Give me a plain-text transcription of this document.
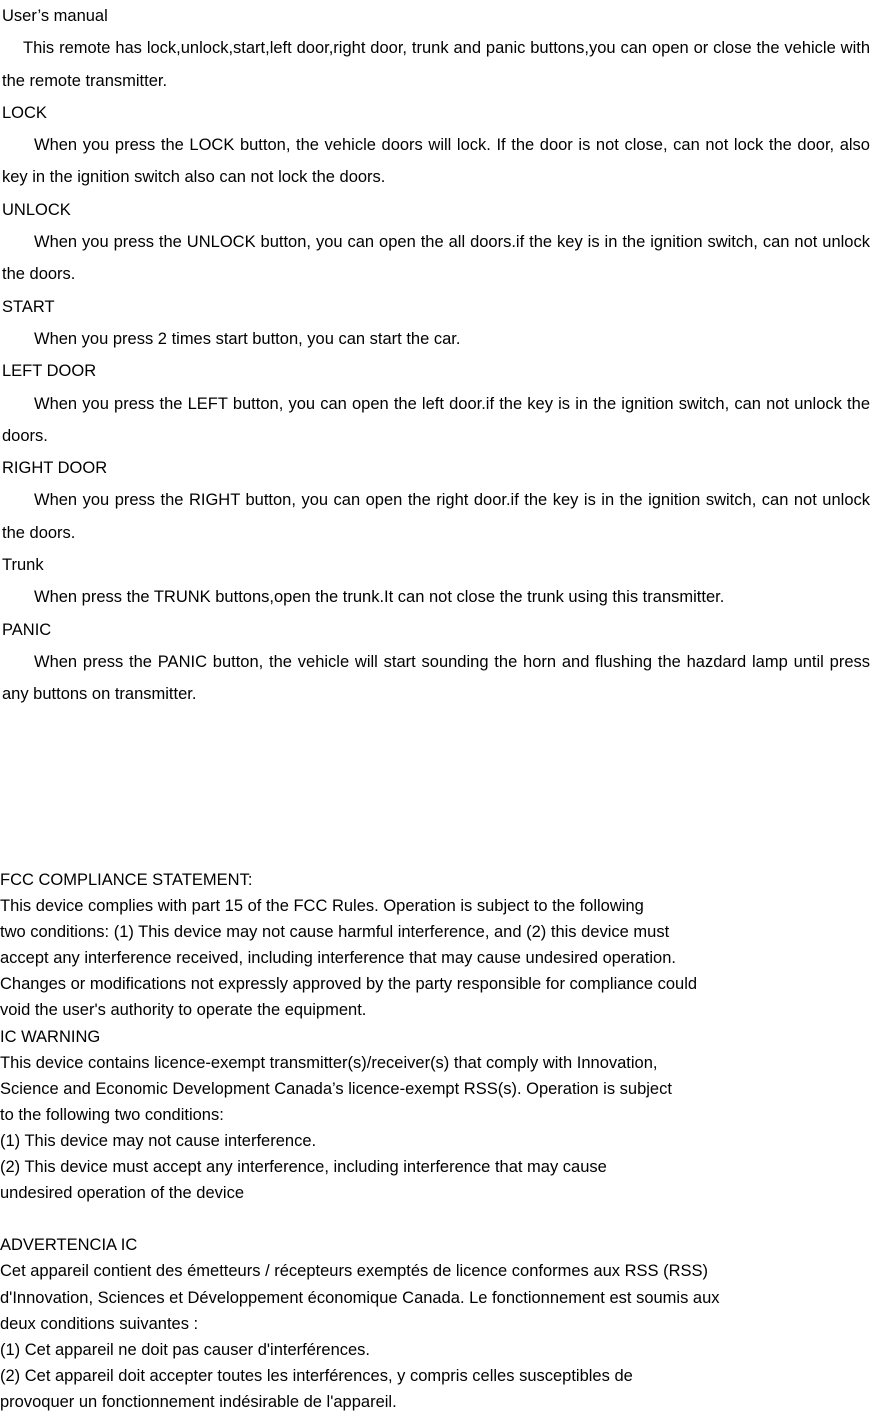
User’s manual

This remote has lock,unlock,start,left door,right door, trunk and panic buttons,you can open or close the vehicle with the remote transmitter.

LOCK

When you press the LOCK button, the vehicle doors will lock. If the door is not close, can not lock the door, also key in the ignition switch also can not lock the doors.

UNLOCK

When you press the UNLOCK button, you can open the all doors.if the key is in the ignition switch, can not unlock the doors.

START

When you press 2 times start button, you can start the car.

LEFT DOOR

When you press the LEFT button, you can open the left door.if the key is in the ignition switch, can not unlock the doors.

RIGHT DOOR

When you press the RIGHT button, you can open the right door.if the key is in the ignition switch, can not unlock the doors.

Trunk

When press the TRUNK buttons,open the trunk.It can not close the trunk using this transmitter.

PANIC

When press the PANIC button, the vehicle will start sounding the horn and flushing the hazdard lamp until press any buttons on transmitter.

FCC COMPLIANCE STATEMENT:

This device complies with part 15 of the FCC Rules. Operation is subject to the following

two conditions: (1) This device may not cause harmful interference, and (2) this device must

accept any interference received, including interference that may cause undesired operation.

Changes or modifications not expressly approved by the party responsible for compliance could

void the user's authority to operate the equipment.

IC WARNING

This device contains licence-exempt transmitter(s)/receiver(s) that comply with Innovation,

Science and Economic Development Canada’s licence-exempt RSS(s). Operation is subject

to the following two conditions:

(1) This device may not cause interference.

(2) This device must accept any interference, including interference that may cause

undesired operation of the device

ADVERTENCIA IC

Cet appareil contient des émetteurs / récepteurs exemptés de licence conformes aux RSS (RSS)

d'Innovation, Sciences et Développement économique Canada. Le fonctionnement est soumis aux

deux conditions suivantes :

(1) Cet appareil ne doit pas causer d'interférences.

(2) Cet appareil doit accepter toutes les interférences, y compris celles susceptibles de

provoquer un fonctionnement indésirable de l'appareil.
